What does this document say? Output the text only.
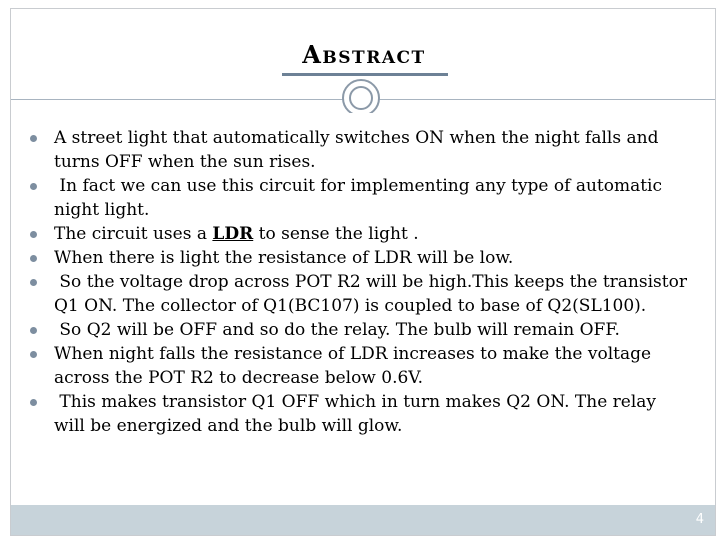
Abstract
A street light that automatically switches ON when the night falls and turns OFF when the sun rises.
In fact we can use this circuit for implementing any type of automatic night light.
The circuit uses a LDR to sense the light .
When there is light the resistance of LDR will be low.
So the voltage drop across POT R2 will be high.This keeps the transistor Q1 ON. The collector of Q1(BC107) is coupled to base of Q2(SL100).
So Q2 will be OFF and so do the relay. The bulb will remain OFF.
When night falls the resistance of LDR increases to make the voltage across the POT R2 to decrease below 0.6V.
This makes transistor Q1 OFF which in turn makes Q2 ON. The relay will be energized and the bulb will glow.
4
